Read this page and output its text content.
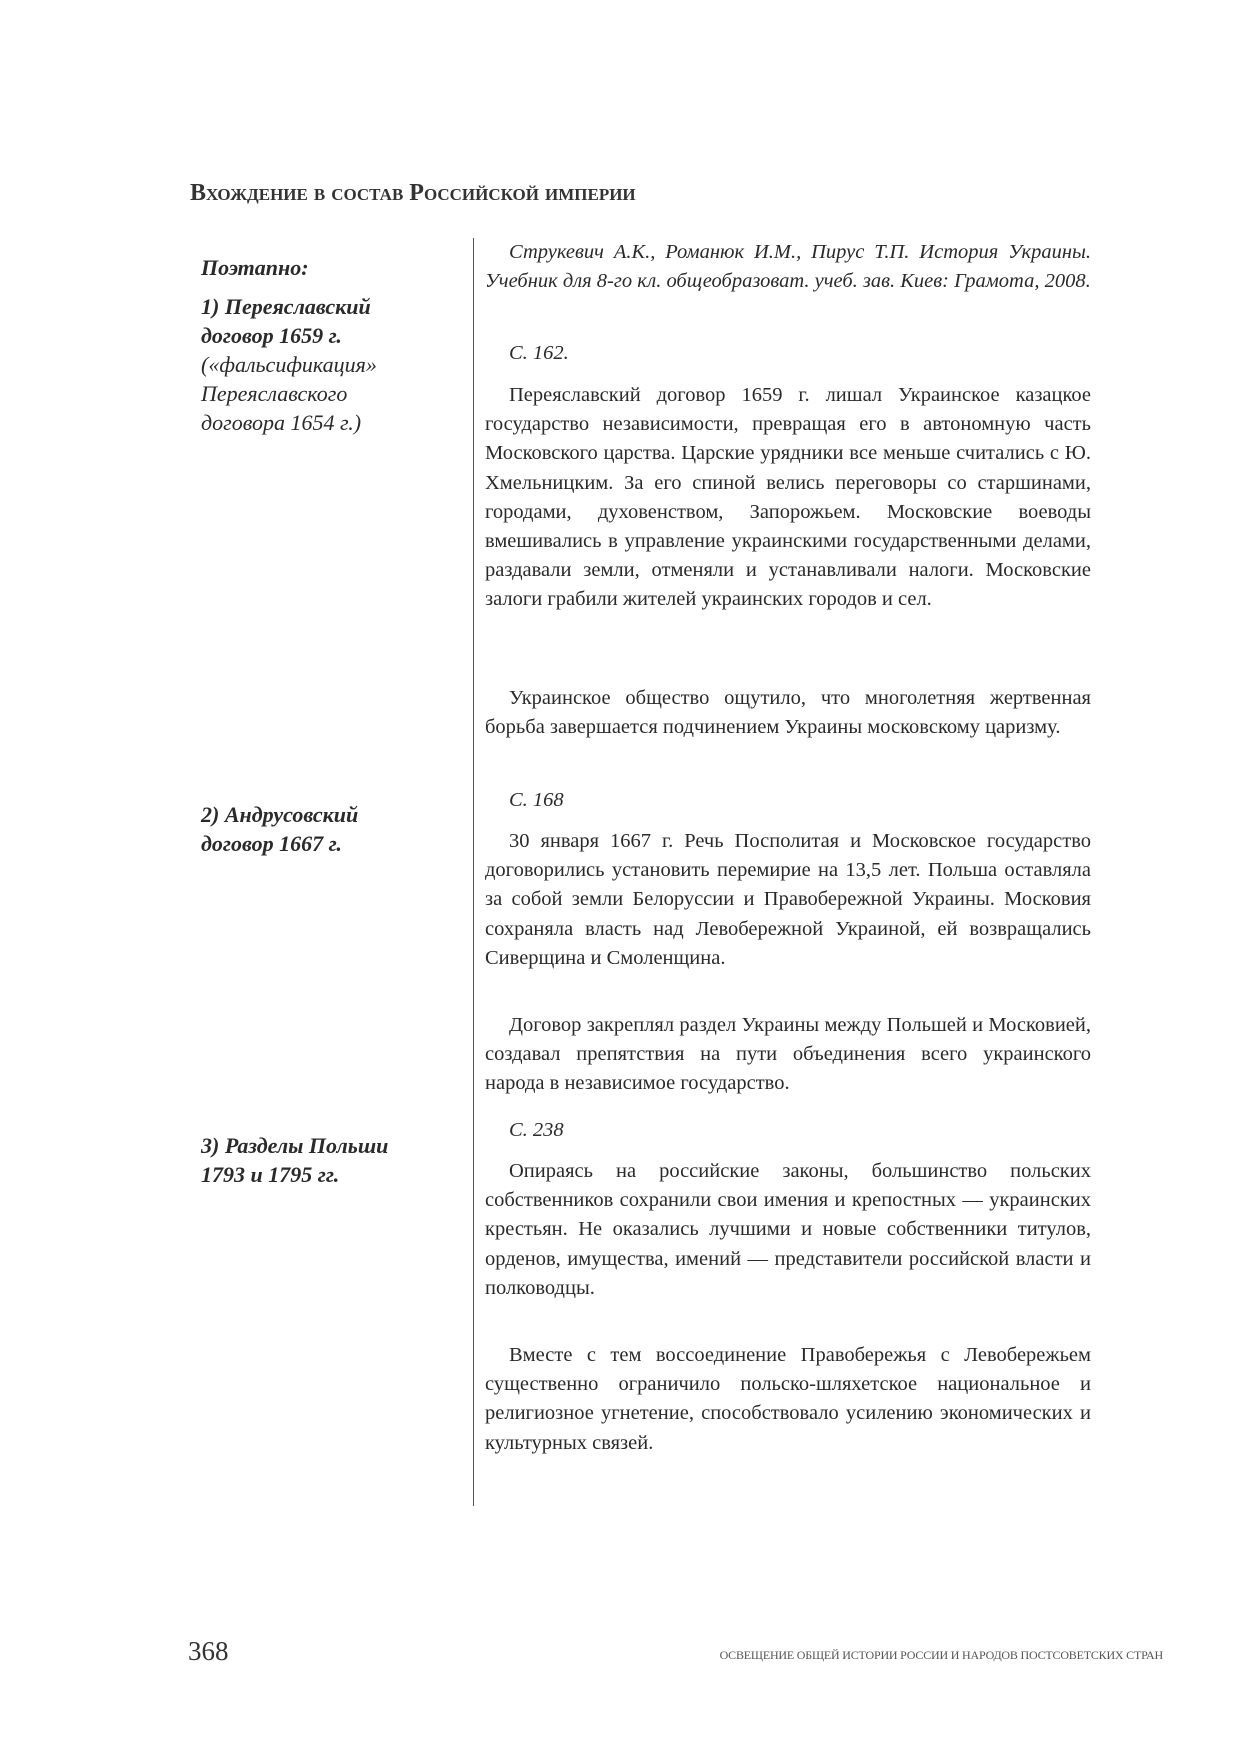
Вхождение в состав Российской империи
Поэтапно:
1) Переяславский договор 1659 г.
(«фальсификация» Переяславского договора 1654 г.)
2) Андрусовский договор 1667 г.
3) Разделы Польши 1793 и 1795 гг.
Струкевич А.К., Романюк И.М., Пирус Т.П. История Украины. Учебник для 8-го кл. общеобразоват. учеб. зав. Киев: Грамота, 2008.
С. 162.
Переяславский договор 1659 г. лишал Украинское казацкое государство независимости, превращая его в автономную часть Московского царства. Царские урядники все меньше считались с Ю. Хмельницким. За его спиной велись переговоры со старшинами, городами, духовенством, Запорожьем. Московские воеводы вмешивались в управление украинскими государственными делами, раздавали земли, отменяли и устанавливали налоги. Московские залоги грабили жителей украинских городов и сел.
Украинское общество ощутило, что многолетняя жертвенная борьба завершается подчинением Украины московскому царизму.
С. 168
30 января 1667 г. Речь Посполитая и Московское государство договорились установить перемирие на 13,5 лет. Польша оставляла за собой земли Белоруссии и Правобережной Украины. Московия сохраняла власть над Левобережной Украиной, ей возвращались Сиверщина и Смоленщина.
Договор закреплял раздел Украины между Польшей и Московией, создавал препятствия на пути объединения всего украинского народа в независимое государство.
С. 238
Опираясь на российские законы, большинство польских собственников сохранили свои имения и крепостных — украинских крестьян. Не оказались лучшими и новые собственники титулов, орденов, имущества, имений — представители российской власти и полководцы.
Вместе с тем воссоединение Правобережья с Левобережьем существенно ограничило польско-шляхетское национальное и религиозное угнетение, способствовало усилению экономических и культурных связей.
368	ОСВЕЩЕНИЕ ОБЩЕЙ ИСТОРИИ РОССИИ И НАРОДОВ ПОСТСОВЕТСКИХ СТРАН
